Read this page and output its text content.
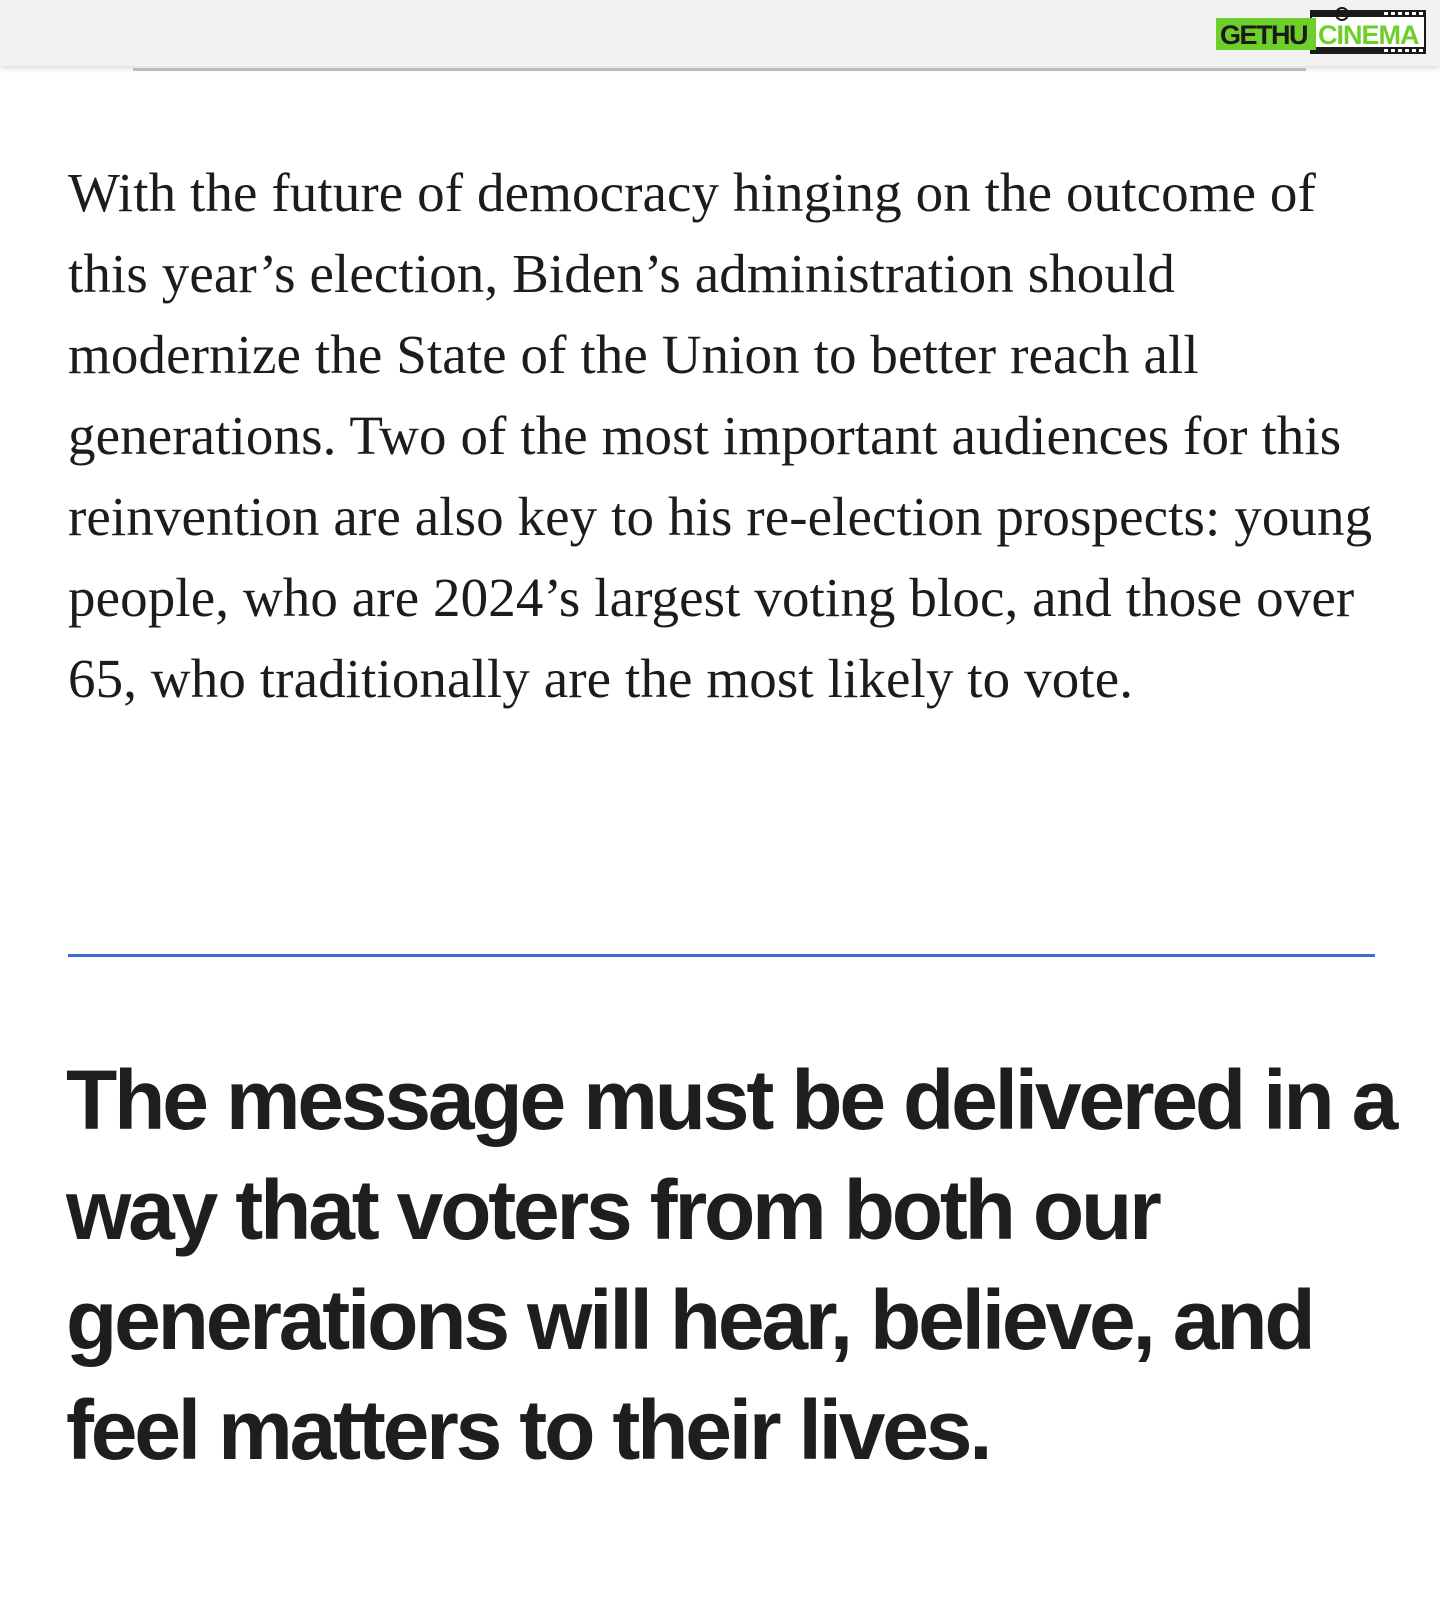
GETHU CINEMA

With the future of democracy hinging on the outcome of this year’s election, Biden’s administration should modernize the State of the Union to better reach all generations. Two of the most important audiences for this reinvention are also key to his re-election prospects: young people, who are 2024’s largest voting bloc, and those over 65, who traditionally are the most likely to vote.

The message must be delivered in a way that voters from both our generations will hear, believe, and feel matters to their lives.
